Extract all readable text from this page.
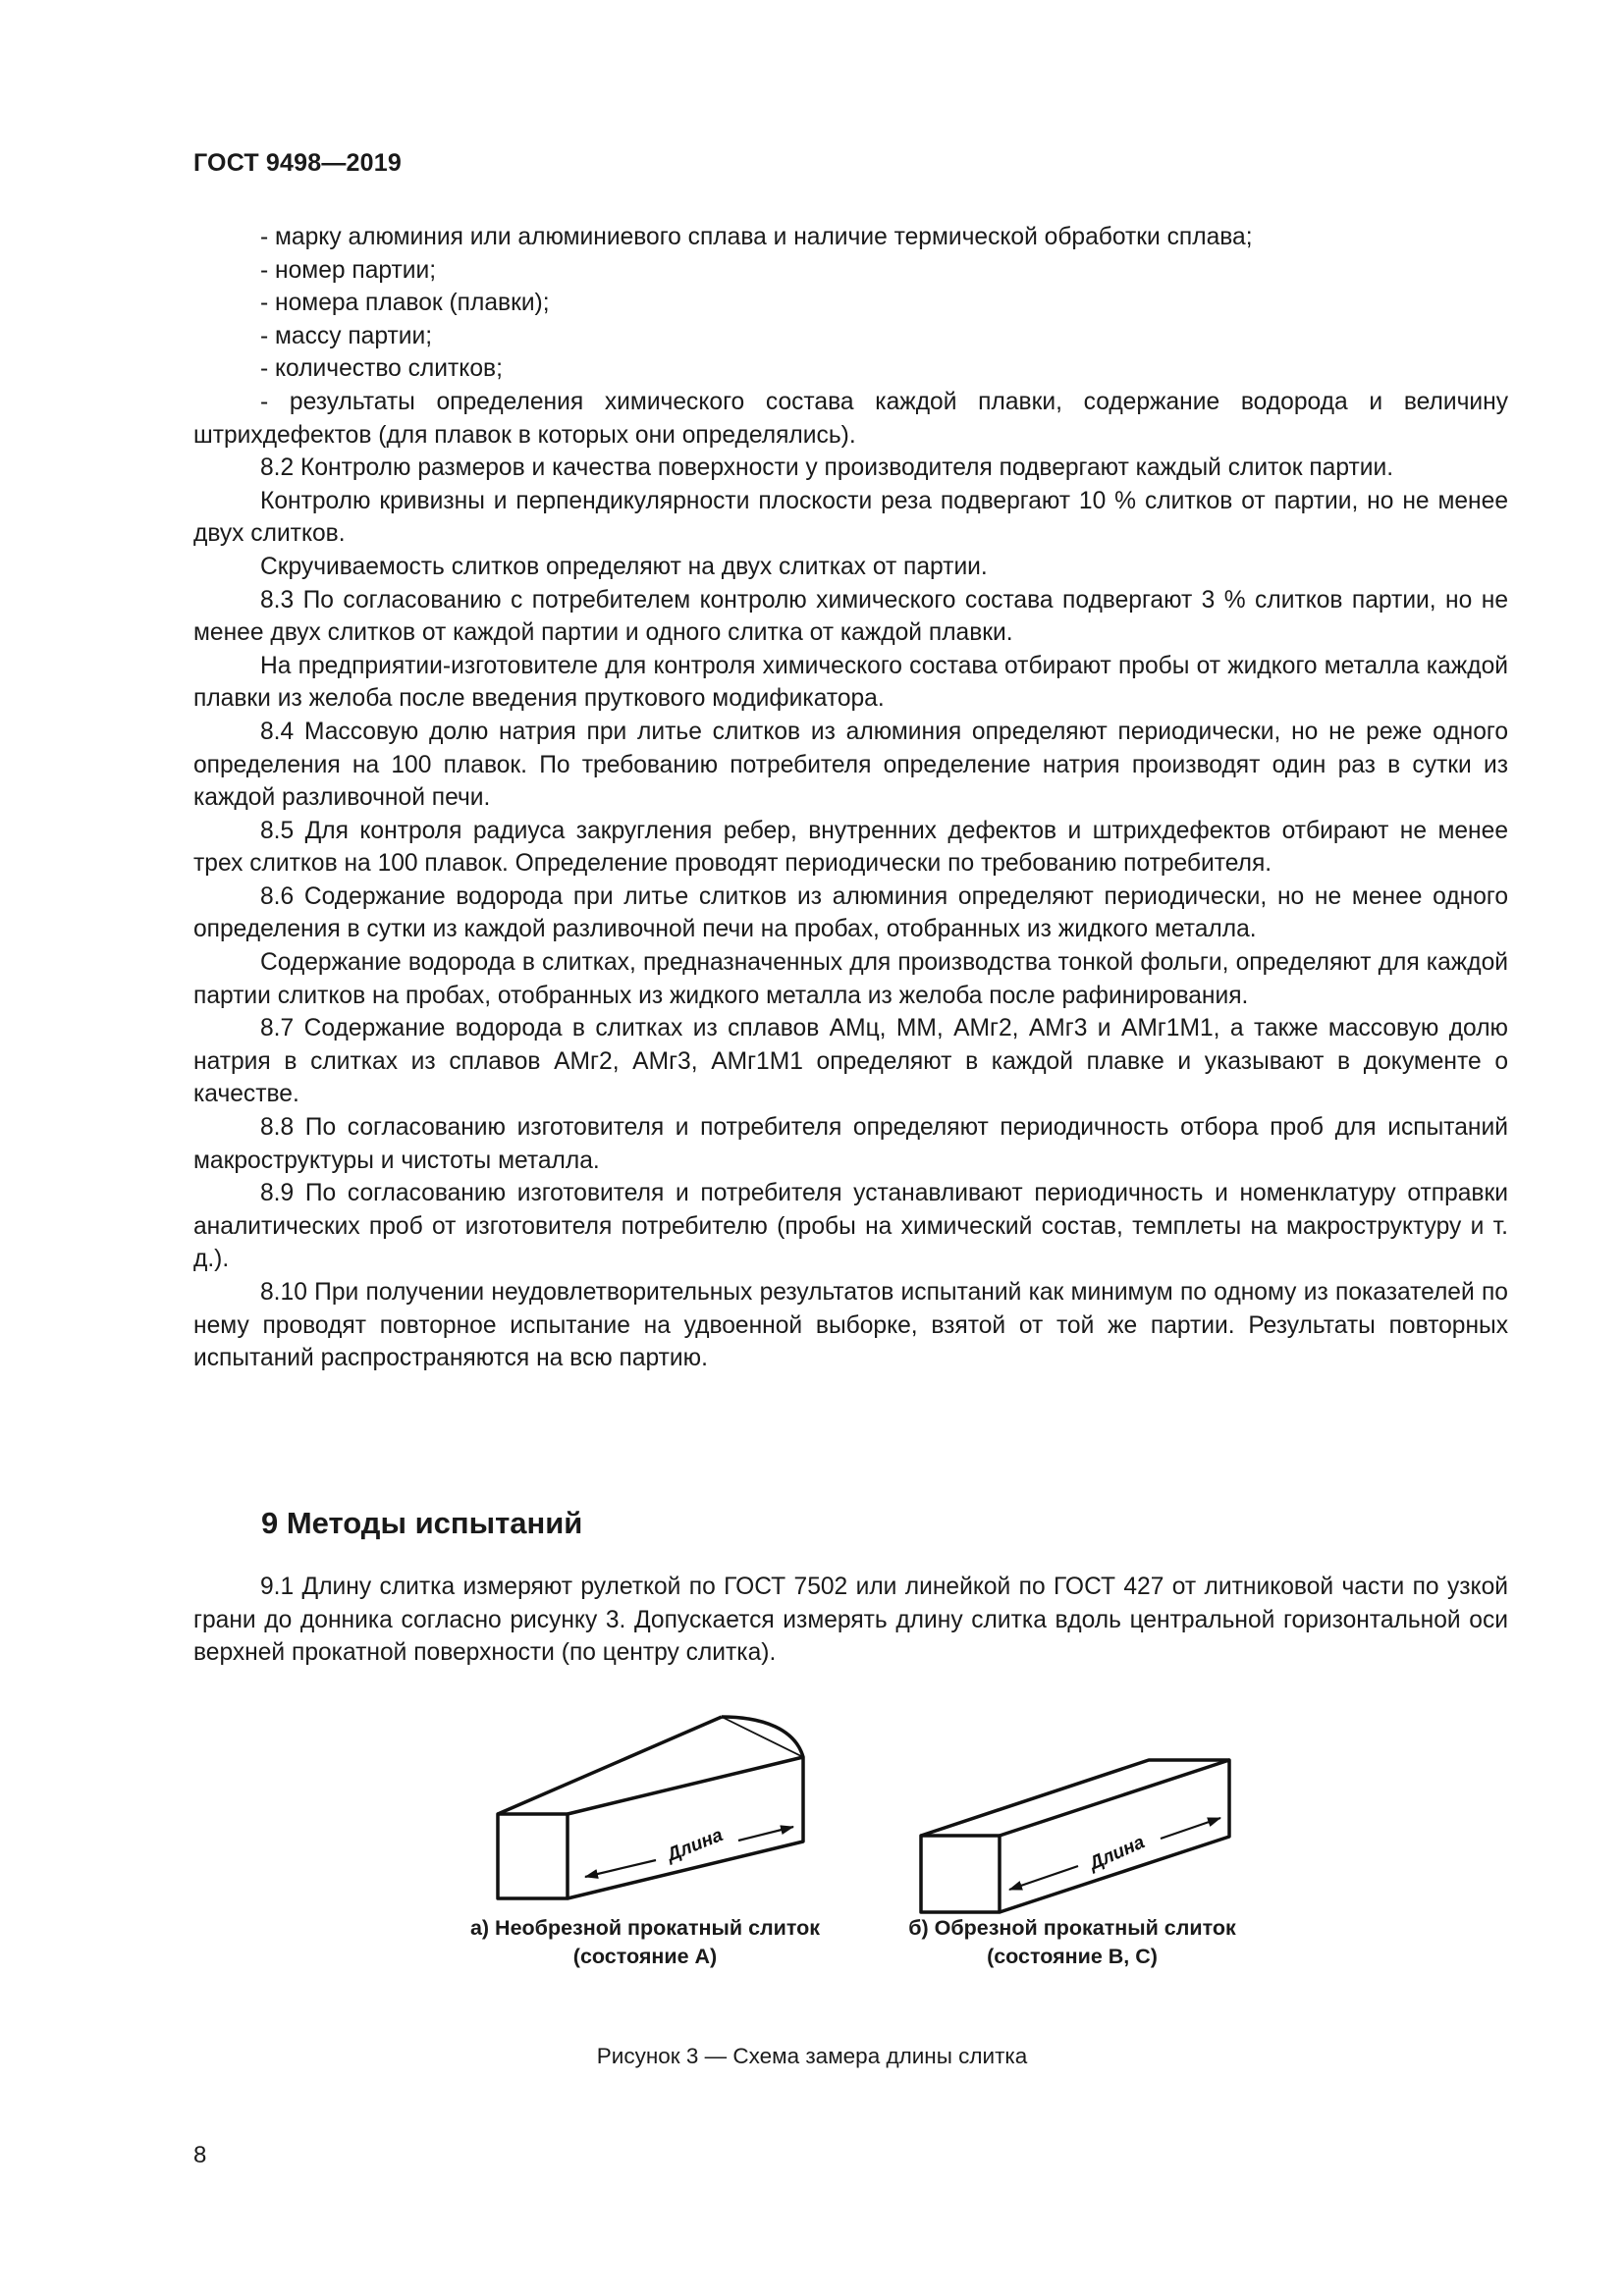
ГОСТ 9498—2019

- марку алюминия или алюминиевого сплава и наличие термической обработки сплава;

- номер партии;

- номера плавок (плавки);

- массу партии;

- количество слитков;

- результаты определения химического состава каждой плавки, содержание водорода и величину штрихдефектов (для плавок в которых они определялись).

8.2 Контролю размеров и качества поверхности у производителя подвергают каждый слиток партии.

Контролю кривизны и перпендикулярности плоскости реза подвергают 10 % слитков от партии, но не менее двух слитков.

Скручиваемость слитков определяют на двух слитках от партии.

8.3 По согласованию с потребителем контролю химического состава подвергают 3 % слитков партии, но не менее двух слитков от каждой партии и одного слитка от каждой плавки.

На предприятии-изготовителе для контроля химического состава отбирают пробы от жидкого металла каждой плавки из желоба после введения пруткового модификатора.

8.4 Массовую долю натрия при литье слитков из алюминия определяют периодически, но не реже одного определения на 100 плавок. По требованию потребителя определение натрия производят один раз в сутки из каждой разливочной печи.

8.5 Для контроля радиуса закругления ребер, внутренних дефектов и штрихдефектов отбирают не менее трех слитков на 100 плавок. Определение проводят периодически по требованию потребителя.

8.6 Содержание водорода при литье слитков из алюминия определяют периодически, но не менее одного определения в сутки из каждой разливочной печи на пробах, отобранных из жидкого металла.

Содержание водорода в слитках, предназначенных для производства тонкой фольги, определяют для каждой партии слитков на пробах, отобранных из жидкого металла из желоба после рафинирования.

8.7 Содержание водорода в слитках из сплавов АМц, ММ, АМг2, АМг3 и АМг1М1, а также массовую долю натрия в слитках из сплавов АМг2, АМг3, АМг1М1 определяют в каждой плавке и указывают в документе о качестве.

8.8 По согласованию изготовителя и потребителя определяют периодичность отбора проб для испытаний макроструктуры и чистоты металла.

8.9 По согласованию изготовителя и потребителя устанавливают периодичность и номенклатуру отправки аналитических проб от изготовителя потребителю (пробы на химический состав, темплеты на макроструктуру и т. д.).

8.10 При получении неудовлетворительных результатов испытаний как минимум по одному из показателей по нему проводят повторное испытание на удвоенной выборке, взятой от той же партии. Результаты повторных испытаний распространяются на всю партию.

9 Методы испытаний

9.1 Длину слитка измеряют рулеткой по ГОСТ 7502 или линейкой по ГОСТ 427 от литниковой части по узкой грани до донника согласно рисунку 3. Допускается измерять длину слитка вдоль центральной горизонтальной оси верхней прокатной поверхности (по центру слитка).

Длина	Длина
а) Необрезной прокатный слиток
(состояние А)
б) Обрезной прокатный слиток
(состояние B, C)
Рисунок 3 — Схема замера длины слитка
8
